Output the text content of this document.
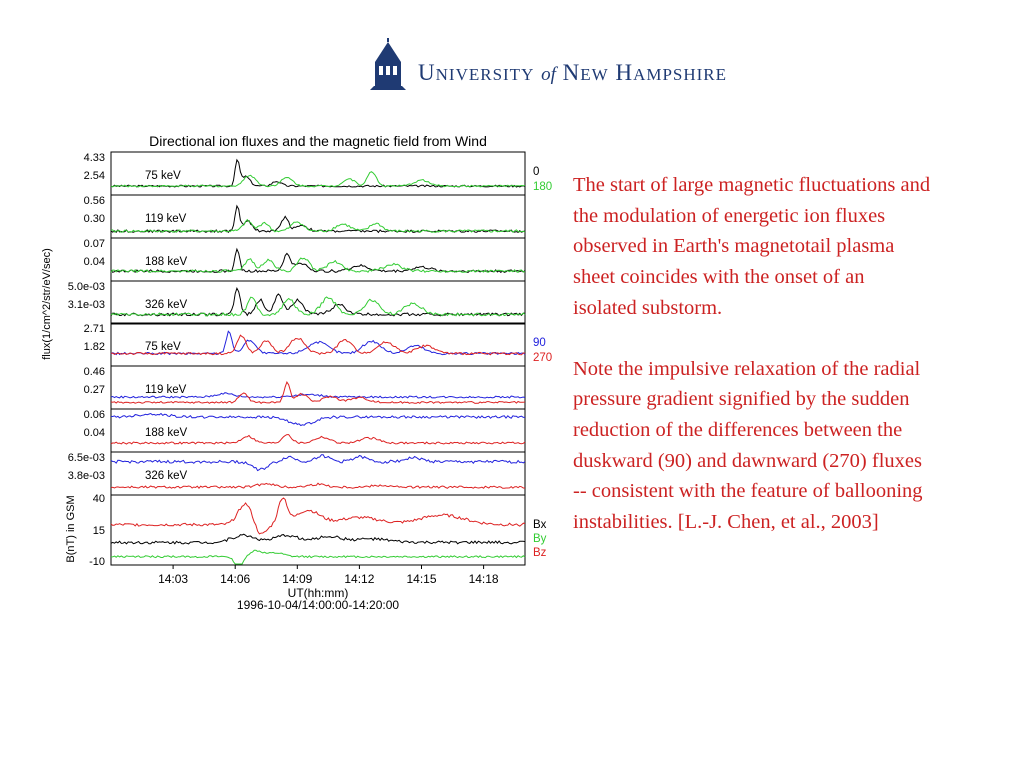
UNIVERSITY of NEW HAMPSHIRE
Directional ion fluxes and the magnetic field from Wind
flux(1/cm^2/str/eV/sec)
B(nT) in GSM
UT(hh:mm)
1996-10-04/14:00:00-14:20:00
4.33
2.54	75 keV
0.56
0.30	119 keV
0.07
0.04	188 keV
5.0e-03
3.1e-03	326 keV
2.71
1.82	75 keV
0.46
0.27	119 keV
0.06
0.04	188 keV
6.5e-03
3.8e-03	326 keV
40
15
-10
14:03	14:06	14:09	14:12	14:15	14:18
0
180
90
270
Bx
By
Bz

The start of large magnetic fluctuations and the modulation of energetic ion fluxes observed in Earth's magnetotail plasma sheet coincides with the onset of an isolated substorm.

Note the impulsive relaxation of the radial pressure gradient signified by the sudden reduction of the differences between the duskward (90) and dawnward (270) fluxes -- consistent with the feature of ballooning instabilities. [L.-J. Chen, et al., 2003]
